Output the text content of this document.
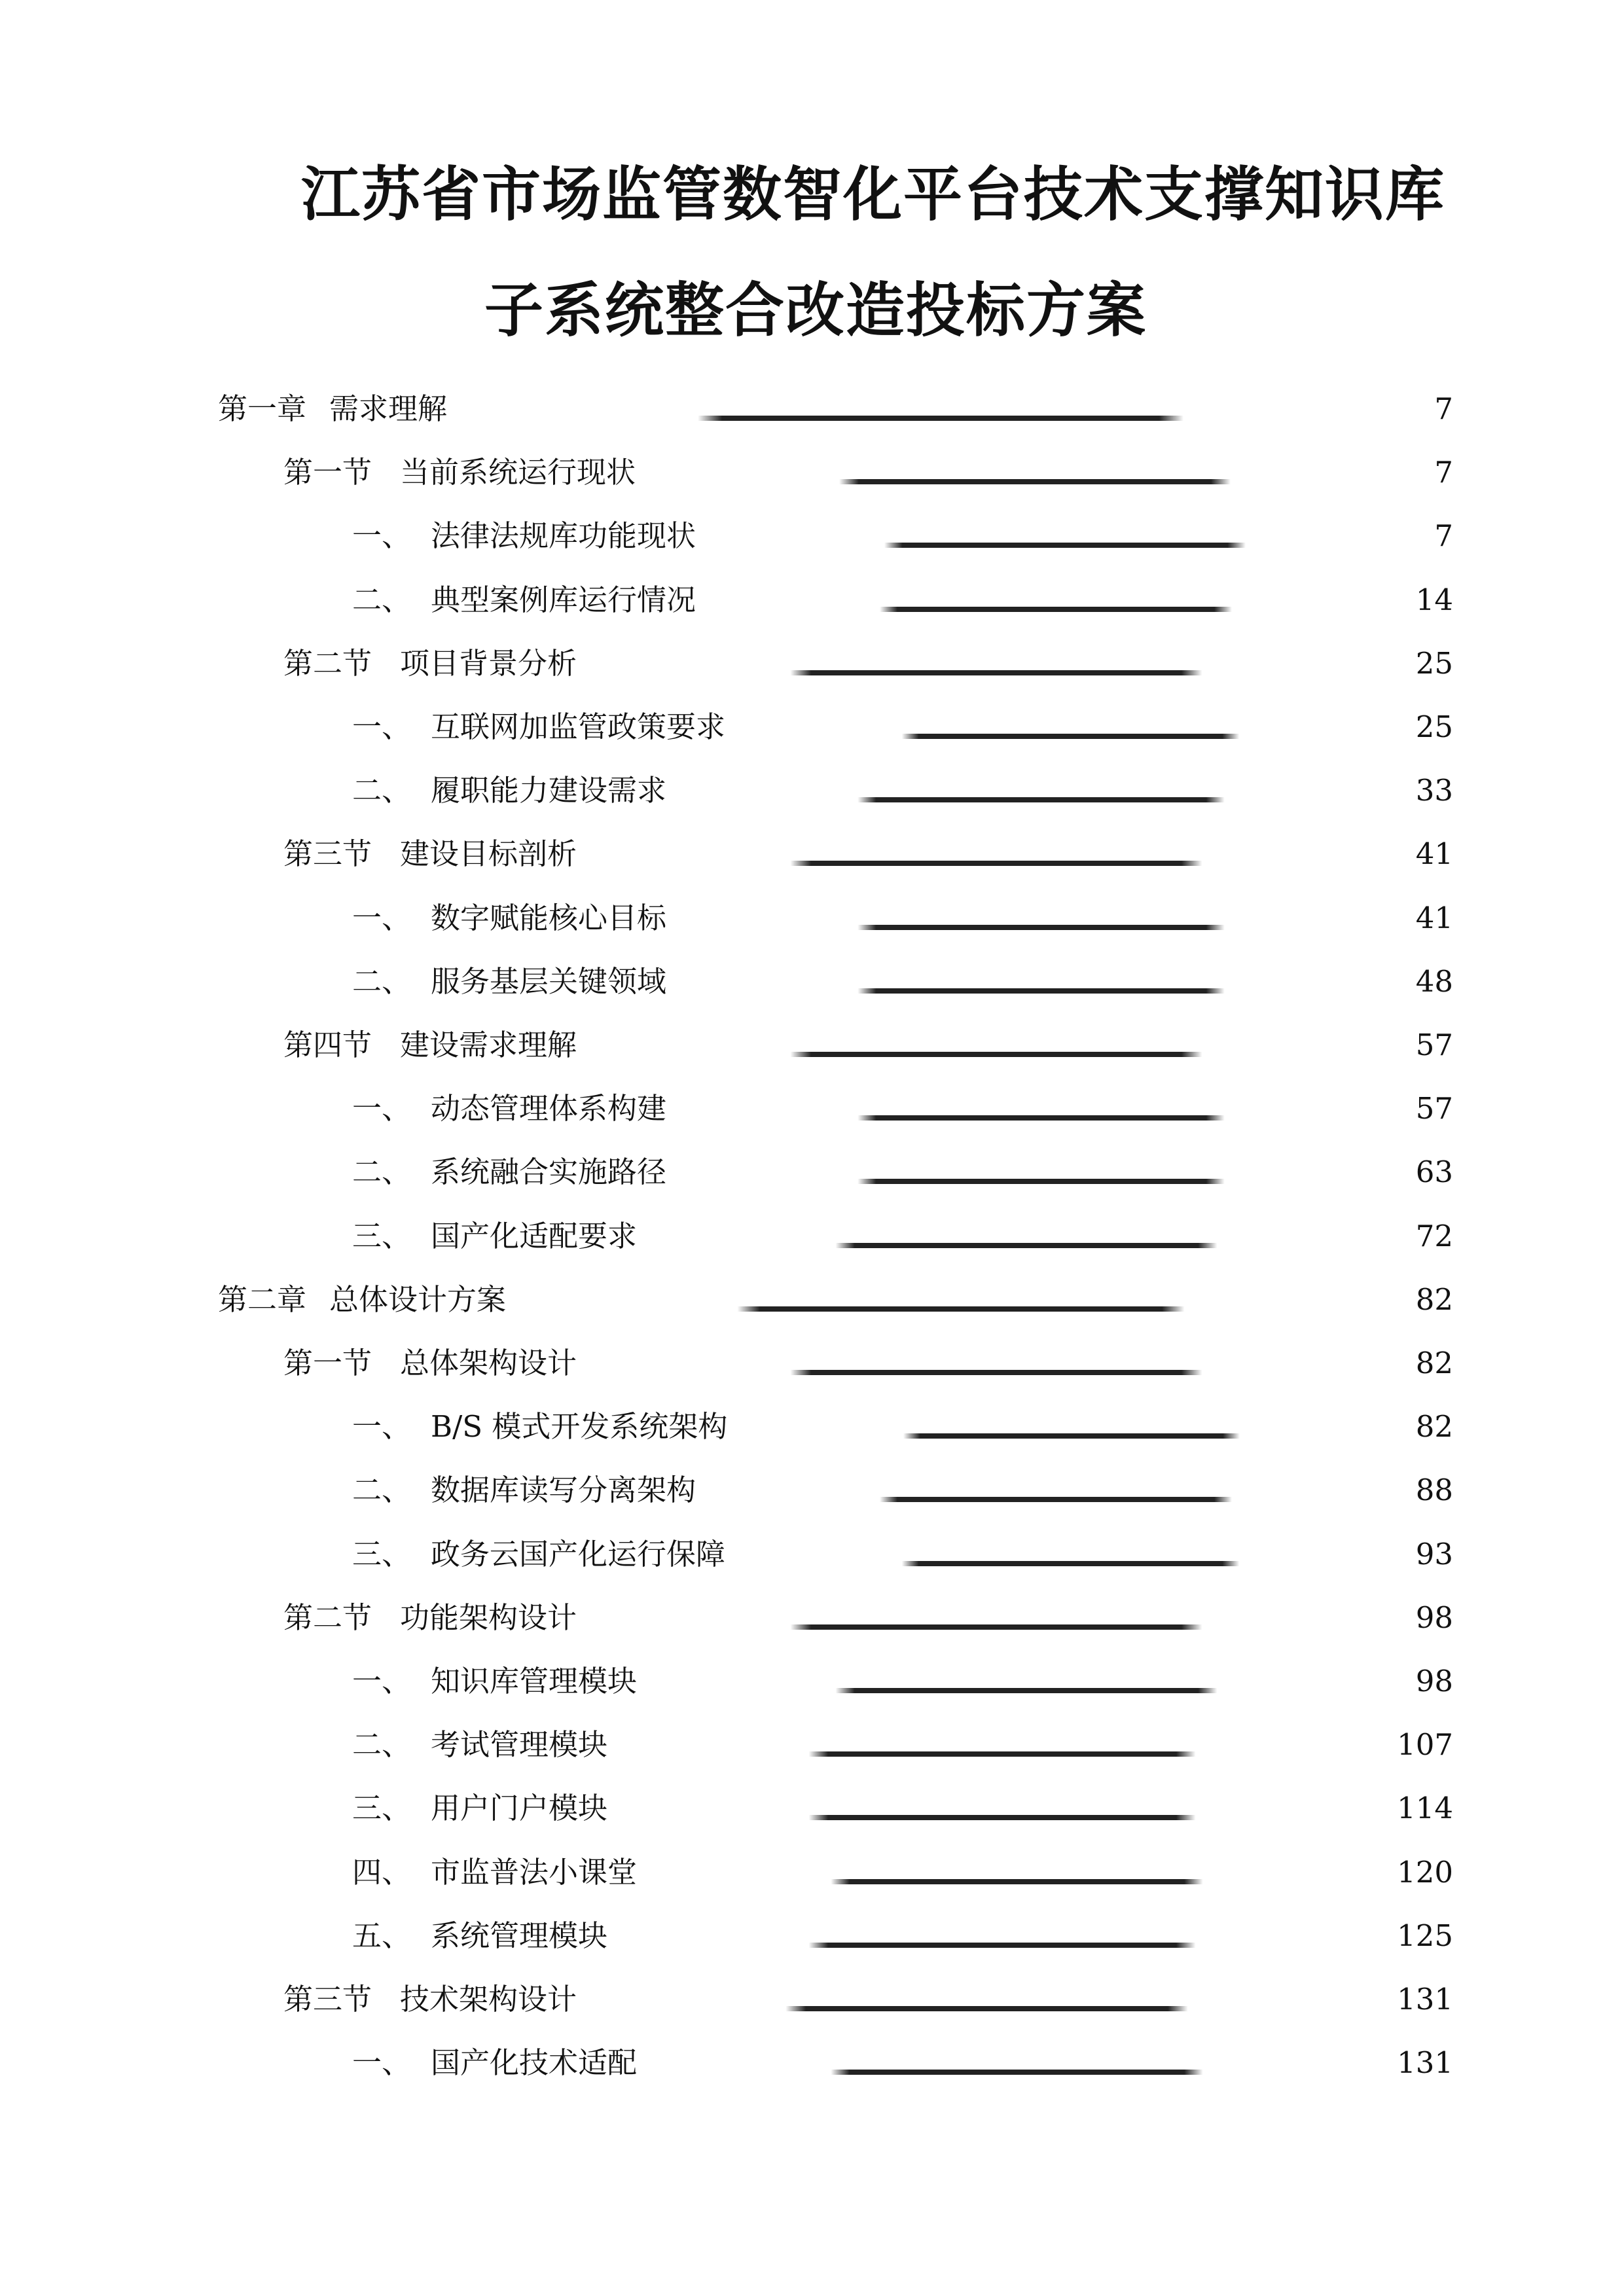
江苏省市场监管数智化平台技术支撑知识库
子系统整合改造投标方案
第一章 需求理解	7
第一节 当前系统运行现状	7
一、 法律法规库功能现状	7
二、 典型案例库运行情况	14
第二节 项目背景分析	25
一、 互联网加监管政策要求	25
二、 履职能力建设需求	33
第三节 建设目标剖析	41
一、 数字赋能核心目标	41
二、 服务基层关键领域	48
第四节 建设需求理解	57
一、 动态管理体系构建	57
二、 系统融合实施路径	63
三、 国产化适配要求	72
第二章 总体设计方案	82
第一节 总体架构设计	82
一、 B/S 模式开发系统架构	82
二、 数据库读写分离架构	88
三、 政务云国产化运行保障	93
第二节 功能架构设计	98
一、 知识库管理模块	98
二、 考试管理模块	107
三、 用户门户模块	114
四、 市监普法小课堂	120
五、 系统管理模块	125
第三节 技术架构设计	131
一、 国产化技术适配	131
